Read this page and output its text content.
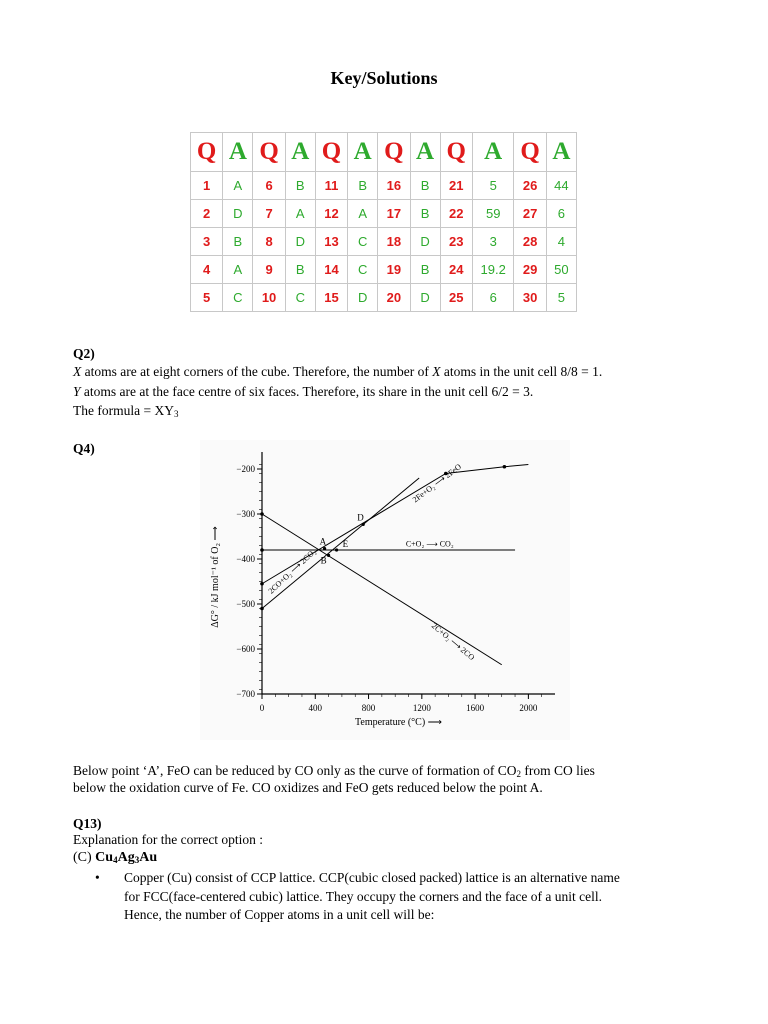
Key/Solutions
Q	A	Q	A	Q	A	Q	A	Q	A	Q	A
1	A	6	B	11	B	16	B	21	5	26	44
2	D	7	A	12	A	17	B	22	59	27	6
3	B	8	D	13	C	18	D	23	3	28	4
4	A	9	B	14	C	19	B	24	19.2	29	50
5	C	10	C	15	D	20	D	25	6	30	5
Q2)
X atoms are at eight corners of the cube. Therefore, the number of X atoms in the unit cell 8/8 = 1.
Y atoms are at the face centre of six faces. Therefore, its share in the unit cell 6/2 = 3.
The formula = $XY_3$
Q4)
−200
−300
−400
−500
−600
−700
0	400	800	1200	1600	2000
Temperature (°C) ⟶
ΔG° / kJ mol⁻¹ of O₂ ⟶
2Fe+O₂ ⟶ 2FeO
C+O₂ ⟶ CO₂
2C+O₂ ⟶ 2CO
2CO+O₂ ⟶ 2CO₂
A
B
D
E
Below point ‘A’, FeO can be reduced by CO only as the curve of formation of $CO_2$ from CO lies
below the oxidation curve of Fe. CO oxidizes and FeO gets reduced below the point A.
Q13)
Explanation for the correct option :
(C) $Cu_4Ag_3Au$
• Copper (Cu) consist of CCP lattice. CCP(cubic closed packed) lattice is an alternative name
for FCC(face-centered cubic) lattice. They occupy the corners and the face of a unit cell.
Hence, the number of Copper atoms in a unit cell will be:
